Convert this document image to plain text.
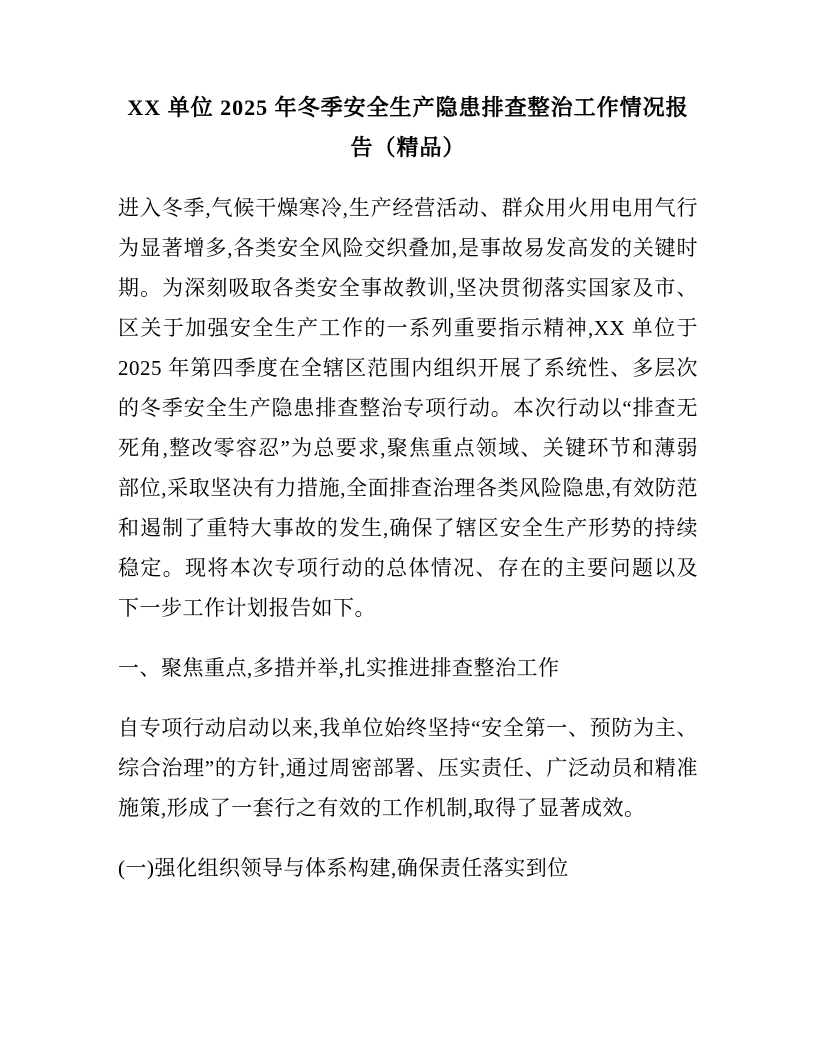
XX 单位 2025 年冬季安全生产隐患排查整治工作情况报告（精品）

进入冬季,气候干燥寒冷,生产经营活动、群众用火用电用气行为显著增多,各类安全风险交织叠加,是事故易发高发的关键时期。为深刻吸取各类安全事故教训,坚决贯彻落实国家及市、区关于加强安全生产工作的一系列重要指示精神,XX 单位于 2025 年第四季度在全辖区范围内组织开展了系统性、多层次的冬季安全生产隐患排查整治专项行动。本次行动以“排查无死角,整改零容忍”为总要求,聚焦重点领域、关键环节和薄弱部位,采取坚决有力措施,全面排查治理各类风险隐患,有效防范和遏制了重特大事故的发生,确保了辖区安全生产形势的持续稳定。现将本次专项行动的总体情况、存在的主要问题以及下一步工作计划报告如下。

一、聚焦重点,多措并举,扎实推进排查整治工作

自专项行动启动以来,我单位始终坚持“安全第一、预防为主、综合治理”的方针,通过周密部署、压实责任、广泛动员和精准施策,形成了一套行之有效的工作机制,取得了显著成效。

(一)强化组织领导与体系构建,确保责任落实到位
